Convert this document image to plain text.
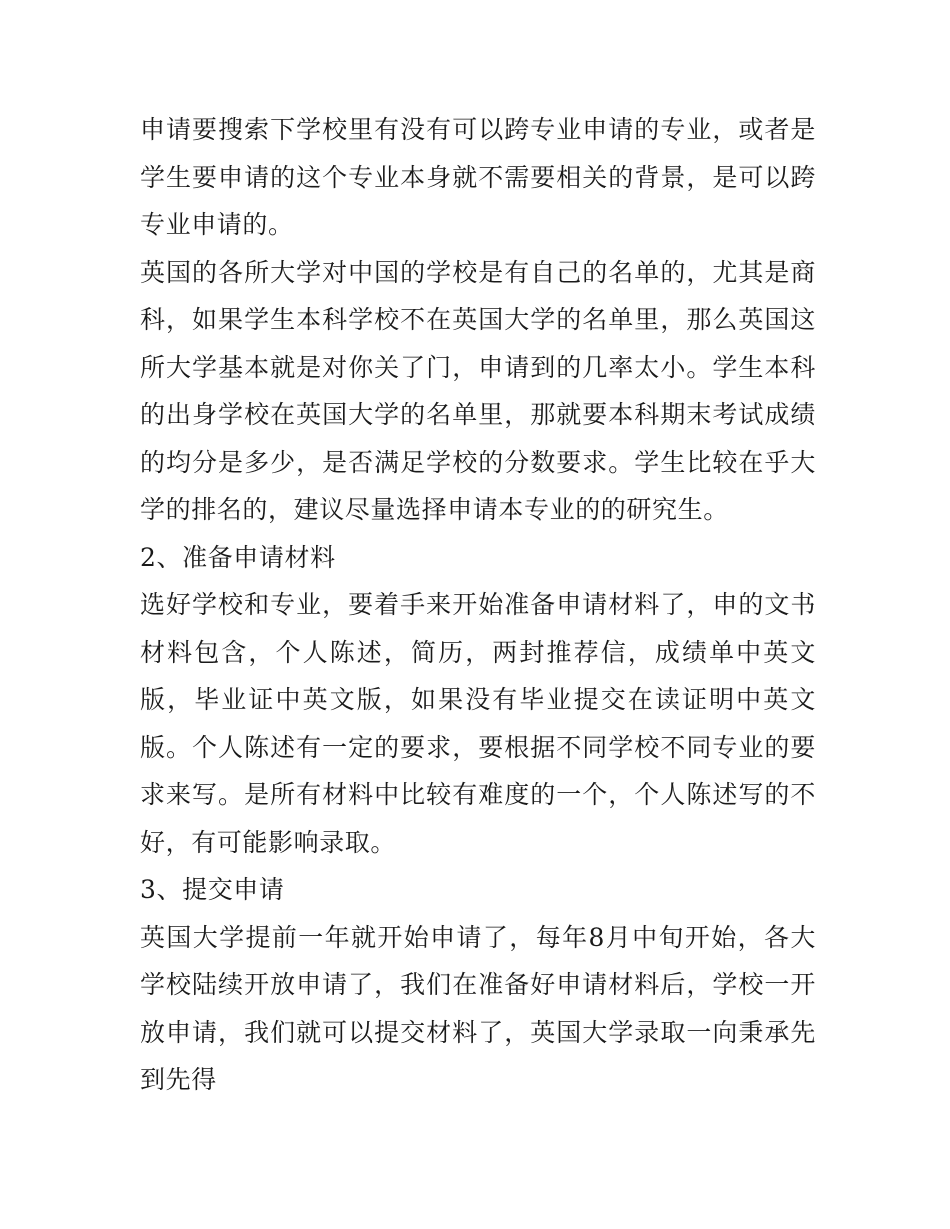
申请要搜索下学校里有没有可以跨专业申请的专业，或者是学生要申请的这个专业本身就不需要相关的背景，是可以跨专业申请的。

英国的各所大学对中国的学校是有自己的名单的，尤其是商科，如果学生本科学校不在英国大学的名单里，那么英国这所大学基本就是对你关了门，申请到的几率太小。学生本科的出身学校在英国大学的名单里，那就要本科期末考试成绩的均分是多少，是否满足学校的分数要求。学生比较在乎大学的排名的，建议尽量选择申请本专业的的研究生。

2、准备申请材料

选好学校和专业，要着手来开始准备申请材料了，申的文书材料包含，个人陈述，简历，两封推荐信，成绩单中英文版，毕业证中英文版，如果没有毕业提交在读证明中英文版。个人陈述有一定的要求，要根据不同学校不同专业的要求来写。是所有材料中比较有难度的一个，个人陈述写的不好，有可能影响录取。

3、提交申请

英国大学提前一年就开始申请了，每年8月中旬开始，各大学校陆续开放申请了，我们在准备好申请材料后，学校一开放申请，我们就可以提交材料了，英国大学录取一向秉承先到先得
